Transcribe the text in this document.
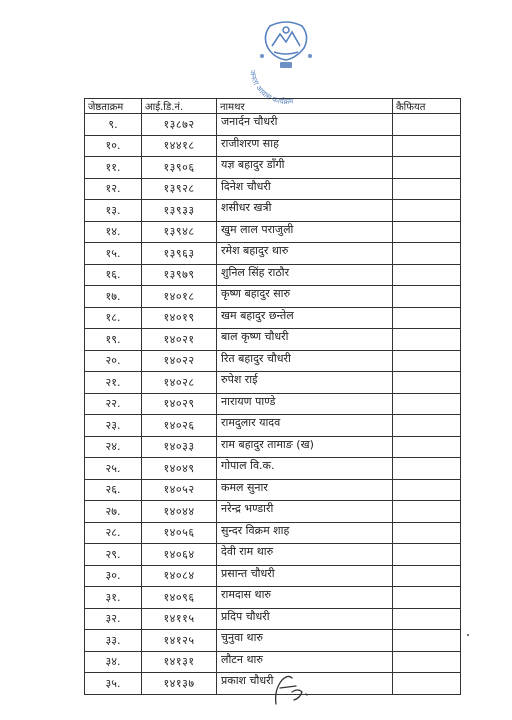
जनता आवास कार्यक्रम
जेष्ठताक्रम	आई.डि.नं.	नामथर	कैफियत
९.	१३८७२	जनार्दन चौधरी	
१०.	१४४१८	राजीशरण साह	
११.	१३९०६	यज्ञ बहादुर डाँगी	
१२.	१३९२८	दिनेश चौधरी	
१३.	१३९३३	शसीधर खत्री	
१४.	१३९४८	खुम लाल पराजुली	
१५.	१३९६३	रमेश बहादुर थारु	
१६.	१३९७९	शुनिल सिंह राठौर	
१७.	१४०१८	कृष्ण बहादुर सारु	
१८.	१४०१९	खम बहादुर छन्तेल	
१९.	१४०२१	बाल कृष्ण चौधरी	
२०.	१४०२२	रित बहादुर चौधरी	
२१.	१४०२८	रुपेश राई	
२२.	१४०२९	नारायण पाण्डे	
२३.	१४०२६	रामदुलार यादव	
२४.	१४०३३	राम बहादुर तामाङ (ख)	
२५.	१४०४९	गोपाल वि.क.	
२६.	१४०५२	कमल सुनार	
२७.	१४०४४	नरेन्द्र भण्डारी	
२८.	१४०५६	सुन्दर विक्रम शाह	
२९.	१४०६४	देवी राम थारु	
३०.	१४०८४	प्रसान्त चौधरी	
३१.	१४०९६	रामदास थारु	
३२.	१४११५	प्रदिप चौधरी	
३३.	१४१२५	चुनुवा थारु	
३४.	१४१३१	लौटन थारु	
३५.	१४१३७	प्रकाश चौधरी	
